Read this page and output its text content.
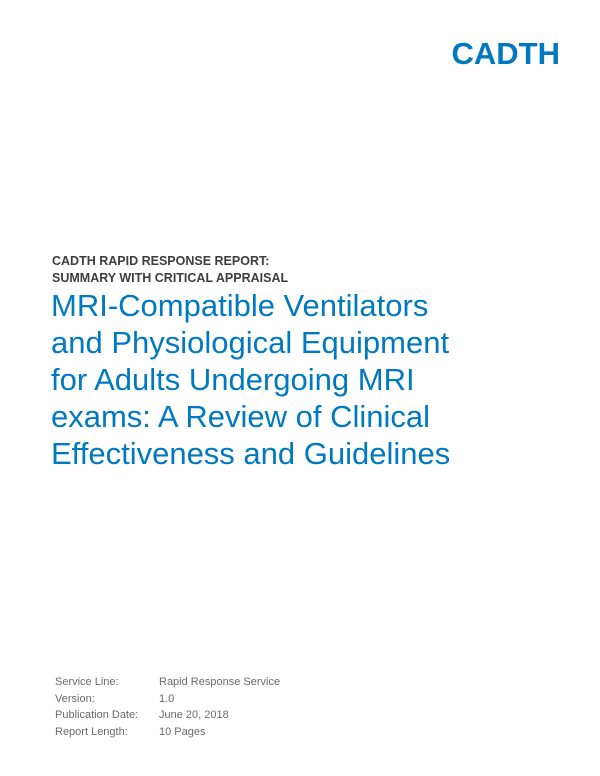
CADTH
CADTH RAPID RESPONSE REPORT:
SUMMARY WITH CRITICAL APPRAISAL
MRI-Compatible Ventilators
and Physiological Equipment
for Adults Undergoing MRI
exams: A Review of Clinical
Effectiveness and Guidelines
Service Line:	Rapid Response Service
Version:	1.0
Publication Date:	June 20, 2018
Report Length:	10 Pages
